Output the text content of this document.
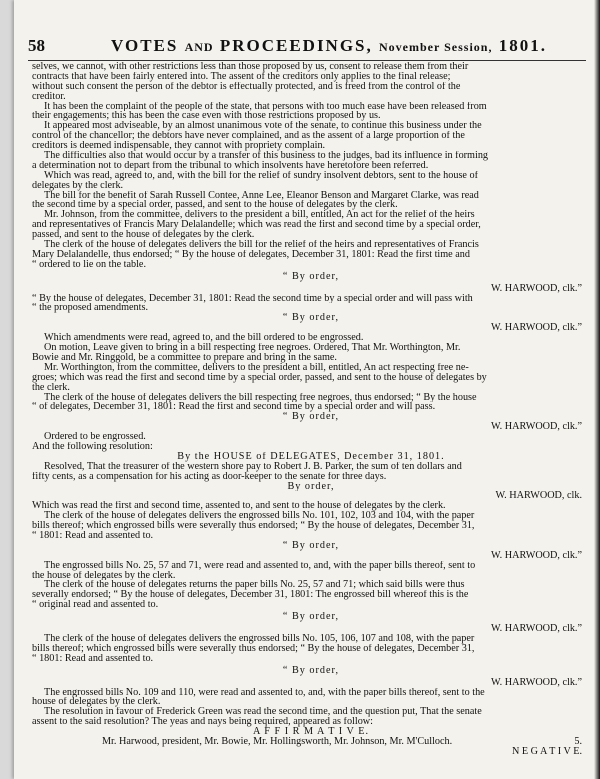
58	VOTES AND PROCEEDINGS, November Session, 1801.
selves, we cannot, with other restrictions less than those proposed by us, consent to release them from their
contracts that have been fairly entered into. The assent of the creditors only applies to the final release;
without such consent the person of the debtor is effectually protected, and is freed from the control of the
creditor.
It has been the complaint of the people of the state, that persons with too much ease have been released from
their engagements; this has been the case even with those restrictions proposed by us.
It appeared most adviseable, by an almost unanimous vote of the senate, to continue this business under the
control of the chancellor; the debtors have never complained, and as the assent of a large proportion of the
creditors is deemed indispensable, they cannot with propriety complain.
The difficulties also that would occur by a transfer of this business to the judges, bad its influence in forming
a determination not to depart from the tribunal to which insolvents have heretofore been referred.
Which was read, agreed to, and, with the bill for the relief of sundry insolvent debtors, sent to the house of
delegates by the clerk.
The bill for the benefit of Sarah Russell Contee, Anne Lee, Eleanor Benson and Margaret Clarke, was read
the second time by a special order, passed, and sent to the house of delegates by the clerk.
Mr. Johnson, from the committee, delivers to the president a bill, entitled, An act for the relief of the heirs
and representatives of Francis Mary Delalandelle; which was read the first and second time by a special order,
passed, and sent to the house of delegates by the clerk.
The clerk of the house of delegates delivers the bill for the relief of the heirs and representatives of Francis
Mary Delalandelle, thus endorsed; “ By the house of delegates, December 31, 1801: Read the first time and
“ ordered to lie on the table.
“ By order,
W. HARWOOD, clk.”
“ By the house of delegates, December 31, 1801: Read the second time by a special order and will pass with
“ the proposed amendments.
“ By order,
W. HARWOOD, clk.”
Which amendments were read, agreed to, and the bill ordered to be engrossed.
On motion, Leave given to bring in a bill respecting free negroes. Ordered, That Mr. Worthington, Mr.
Bowie and Mr. Ringgold, be a committee to prepare and bring in the same.
Mr. Worthington, from the committee, delivers to the president a bill, entitled, An act respecting free ne-
groes; which was read the first and second time by a special order, passed, and sent to the house of delegates by
the clerk.
The clerk of the house of delegates delivers the bill respecting free negroes, thus endorsed; “ By the house
“ of delegates, December 31, 1801: Read the first and second time by a special order and will pass.
“ By order,
W. HARWOOD, clk.”
Ordered to be engrossed.
And the following resolution:
By the HOUSE of DELEGATES, December 31, 1801.
Resolved, That the treasurer of the western shore pay to Robert J. B. Parker, the sum of ten dollars and
fifty cents, as a compensation for his acting as door-keeper to the senate for three days.
By order,
W. HARWOOD, clk.
Which was read the first and second time, assented to, and sent to the house of delegates by the clerk.
The clerk of the house of delegates delivers the engrossed bills No. 101, 102, 103 and 104, with the paper
bills thereof; which engrossed bills were severally thus endorsed; “ By the house of delegates, December 31,
“ 1801: Read and assented to.
“ By order,
W. HARWOOD, clk.”
The engrossed bills No. 25, 57 and 71, were read and assented to, and, with the paper bills thereof, sent to
the house of delegates by the clerk.
The clerk of the house of delegates returns the paper bills No. 25, 57 and 71; which said bills were thus
severally endorsed; “ By the house of delegates, December 31, 1801: The engrossed bill whereof this is the
“ original read and assented to.
“ By order,
W. HARWOOD, clk.”
The clerk of the house of delegates delivers the engrossed bills No. 105, 106, 107 and 108, with the paper
bills thereof; which engrossed bills were severally thus endorsed; “ By the house of delegates, December 31,
“ 1801: Read and assented to.
“ By order,
W. HARWOOD, clk.”
The engrossed bills No. 109 and 110, were read and assented to, and, with the paper bills thereof, sent to the
house of delegates by the clerk.
The resolution in favour of Frederick Green was read the second time, and the question put, That the senate
assent to the said resolution? The yeas and nays being required, appeared as follow:
A F F I R M A T I V E.
Mr. Harwood, president, Mr. Bowie, Mr. Hollingsworth, Mr. Johnson, Mr. M'Culloch.	5.
N E G A T I V E.
